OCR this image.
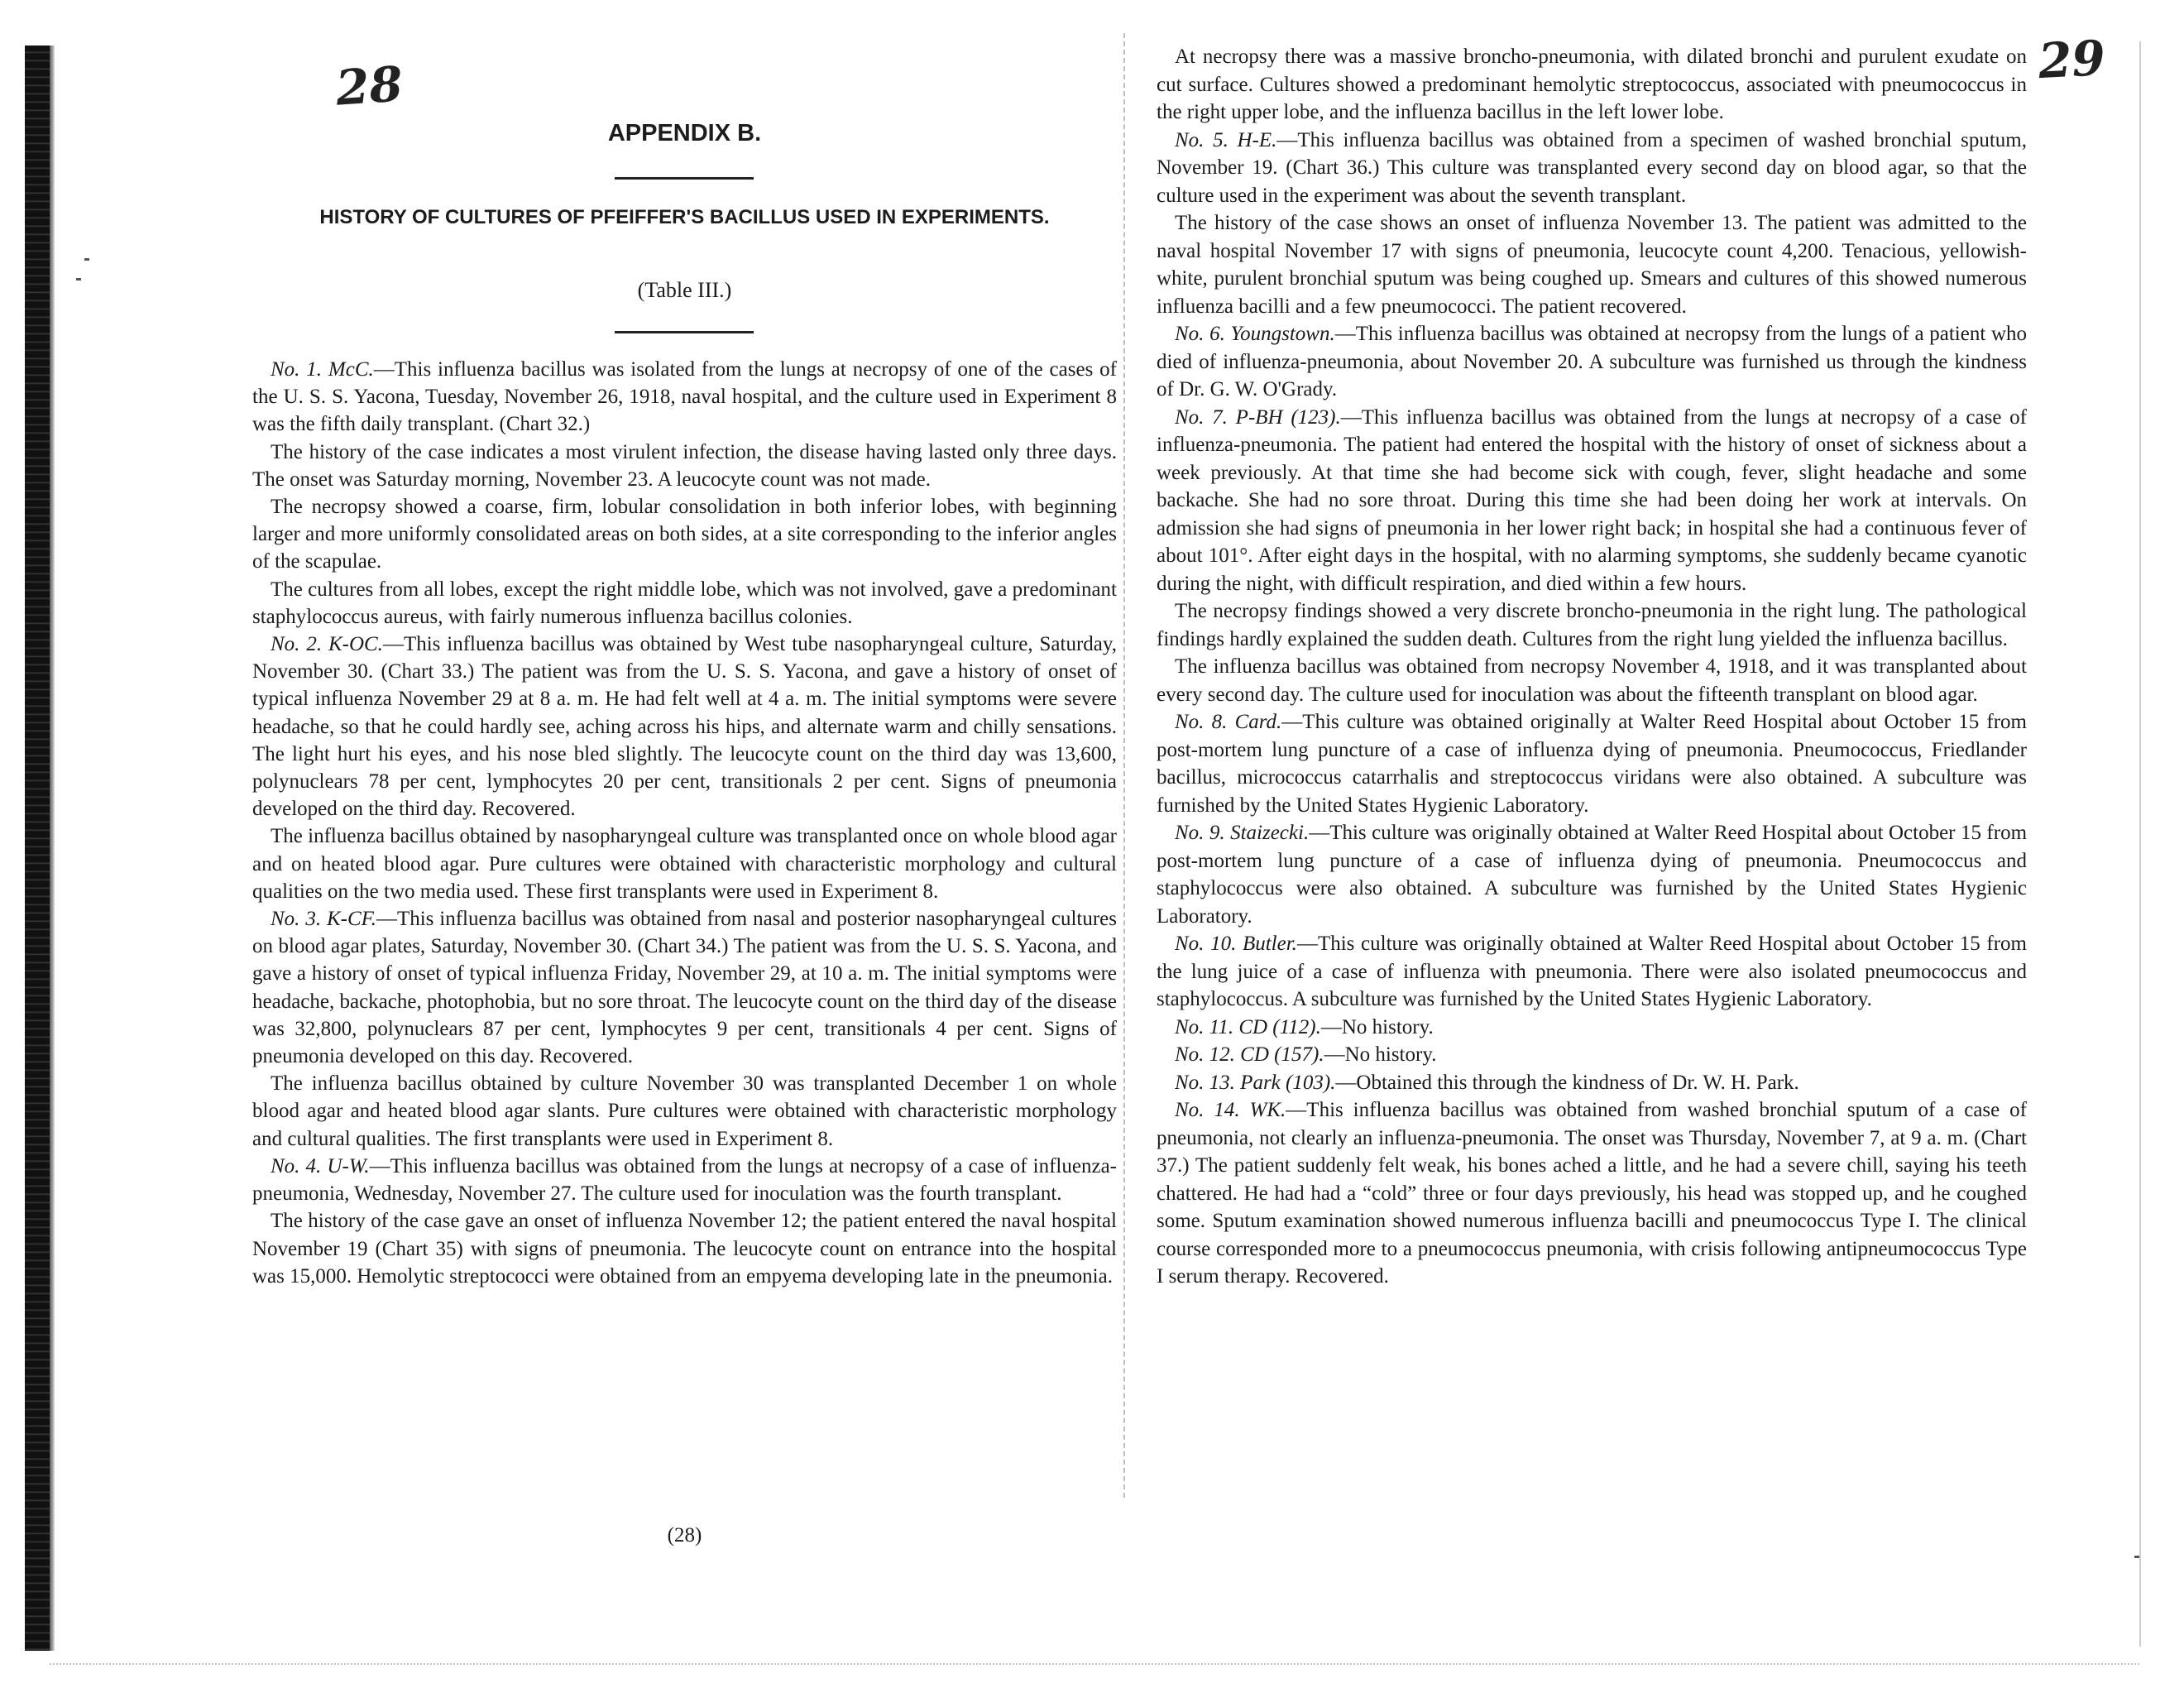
28	29
APPENDIX B.
HISTORY OF CULTURES OF PFEIFFER'S BACILLUS USED IN EXPERIMENTS.
(Table III.)

No. 1. McC.—This influenza bacillus was isolated from the lungs at necropsy of one of the cases of the U. S. S. Yacona, Tuesday, November 26, 1918, naval hospital, and the culture used in Experiment 8 was the fifth daily transplant. (Chart 32.)

The history of the case indicates a most virulent infection, the disease having lasted only three days. The onset was Saturday morning, November 23. A leucocyte count was not made.

The necropsy showed a coarse, firm, lobular consolidation in both inferior lobes, with beginning larger and more uniformly consolidated areas on both sides, at a site corresponding to the inferior angles of the scapulae.

The cultures from all lobes, except the right middle lobe, which was not involved, gave a predominant staphylococcus aureus, with fairly numerous influenza bacillus colonies.

No. 2. K-OC.—This influenza bacillus was obtained by West tube nasopharyngeal culture, Saturday, November 30. (Chart 33.) The patient was from the U. S. S. Yacona, and gave a history of onset of typical influenza November 29 at 8 a. m. He had felt well at 4 a. m. The initial symptoms were severe headache, so that he could hardly see, aching across his hips, and alternate warm and chilly sensations. The light hurt his eyes, and his nose bled slightly. The leucocyte count on the third day was 13,600, polynuclears 78 per cent, lymphocytes 20 per cent, transitionals 2 per cent. Signs of pneumonia developed on the third day. Recovered.

The influenza bacillus obtained by nasopharyngeal culture was transplanted once on whole blood agar and on heated blood agar. Pure cultures were obtained with characteristic morphology and cultural qualities on the two media used. These first transplants were used in Experiment 8.

No. 3. K-CF.—This influenza bacillus was obtained from nasal and posterior nasopharyngeal cultures on blood agar plates, Saturday, November 30. (Chart 34.) The patient was from the U. S. S. Yacona, and gave a history of onset of typical influenza Friday, November 29, at 10 a. m. The initial symptoms were headache, backache, photophobia, but no sore throat. The leucocyte count on the third day of the disease was 32,800, polynuclears 87 per cent, lymphocytes 9 per cent, transitionals 4 per cent. Signs of pneumonia developed on this day. Recovered.

The influenza bacillus obtained by culture November 30 was transplanted December 1 on whole blood agar and heated blood agar slants. Pure cultures were obtained with characteristic morphology and cultural qualities. The first transplants were used in Experiment 8.

No. 4. U-W.—This influenza bacillus was obtained from the lungs at necropsy of a case of influenza-pneumonia, Wednesday, November 27. The culture used for inoculation was the fourth transplant.

The history of the case gave an onset of influenza November 12; the patient entered the naval hospital November 19 (Chart 35) with signs of pneumonia. The leucocyte count on entrance into the hospital was 15,000. Hemolytic streptococci were obtained from an empyema developing late in the pneumonia.

(28)

At necropsy there was a massive broncho-pneumonia, with dilated bronchi and purulent exudate on cut surface. Cultures showed a predominant hemolytic streptococcus, associated with pneumococcus in the right upper lobe, and the influenza bacillus in the left lower lobe.

No. 5. H-E.—This influenza bacillus was obtained from a specimen of washed bronchial sputum, November 19. (Chart 36.) This culture was transplanted every second day on blood agar, so that the culture used in the experiment was about the seventh transplant.

The history of the case shows an onset of influenza November 13. The patient was admitted to the naval hospital November 17 with signs of pneumonia, leucocyte count 4,200. Tenacious, yellowish-white, purulent bronchial sputum was being coughed up. Smears and cultures of this showed numerous influenza bacilli and a few pneumococci. The patient recovered.

No. 6. Youngstown.—This influenza bacillus was obtained at necropsy from the lungs of a patient who died of influenza-pneumonia, about November 20. A subculture was furnished us through the kindness of Dr. G. W. O'Grady.

No. 7. P-BH (123).—This influenza bacillus was obtained from the lungs at necropsy of a case of influenza-pneumonia. The patient had entered the hospital with the history of onset of sickness about a week previously. At that time she had become sick with cough, fever, slight headache and some backache. She had no sore throat. During this time she had been doing her work at intervals. On admission she had signs of pneumonia in her lower right back; in hospital she had a continuous fever of about 101°. After eight days in the hospital, with no alarming symptoms, she suddenly became cyanotic during the night, with difficult respiration, and died within a few hours.

The necropsy findings showed a very discrete broncho-pneumonia in the right lung. The pathological findings hardly explained the sudden death. Cultures from the right lung yielded the influenza bacillus.

The influenza bacillus was obtained from necropsy November 4, 1918, and it was transplanted about every second day. The culture used for inoculation was about the fifteenth transplant on blood agar.

No. 8. Card.—This culture was obtained originally at Walter Reed Hospital about October 15 from post-mortem lung puncture of a case of influenza dying of pneumonia. Pneumococcus, Friedlander bacillus, micrococcus catarrhalis and streptococcus viridans were also obtained. A subculture was furnished by the United States Hygienic Laboratory.

No. 9. Staizecki.—This culture was originally obtained at Walter Reed Hospital about October 15 from post-mortem lung puncture of a case of influenza dying of pneumonia. Pneumococcus and staphylococcus were also obtained. A subculture was furnished by the United States Hygienic Laboratory.

No. 10. Butler.—This culture was originally obtained at Walter Reed Hospital about October 15 from the lung juice of a case of influenza with pneumonia. There were also isolated pneumococcus and staphylococcus. A subculture was furnished by the United States Hygienic Laboratory.

No. 11. CD (112).—No history.

No. 12. CD (157).—No history.

No. 13. Park (103).—Obtained this through the kindness of Dr. W. H. Park.

No. 14. WK.—This influenza bacillus was obtained from washed bronchial sputum of a case of pneumonia, not clearly an influenza-pneumonia. The onset was Thursday, November 7, at 9 a. m. (Chart 37.) The patient suddenly felt weak, his bones ached a little, and he had a severe chill, saying his teeth chattered. He had had a “cold” three or four days previously, his head was stopped up, and he coughed some. Sputum examination showed numerous influenza bacilli and pneumococcus Type I. The clinical course corresponded more to a pneumococcus pneumonia, with crisis following antipneumococcus Type I serum therapy. Recovered.
